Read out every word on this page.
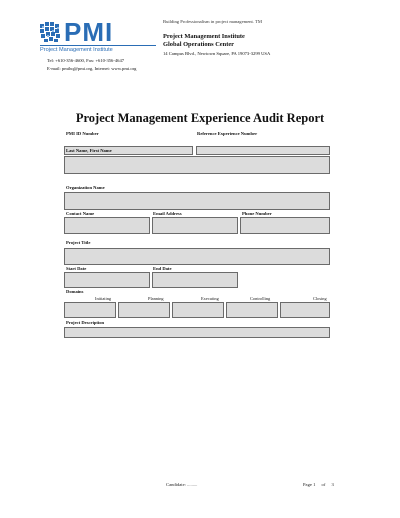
PMI
Project Management Institute
Building Professionalism in project management. TM
Project Management Institute
Global Operations Center
14 Campus Blvd., Newtown Square, PA 19073-3299 USA
Tel: +610-356-4600, Fax: +610-356-4647
E-mail: pmihq@pmi.org, Internet: www.pmi.org
Project Management Experience Audit Report
PMI ID Number	Reference Experience Number
Last Name, First Name
Organization Name
Contact Name	Email Address	Phone Number
Project Title
Start Date	End Date
Domains
Initiating	Planning	Executing	Controlling	Closing
Project Description
Candidate: .........	Page 1 of 3
